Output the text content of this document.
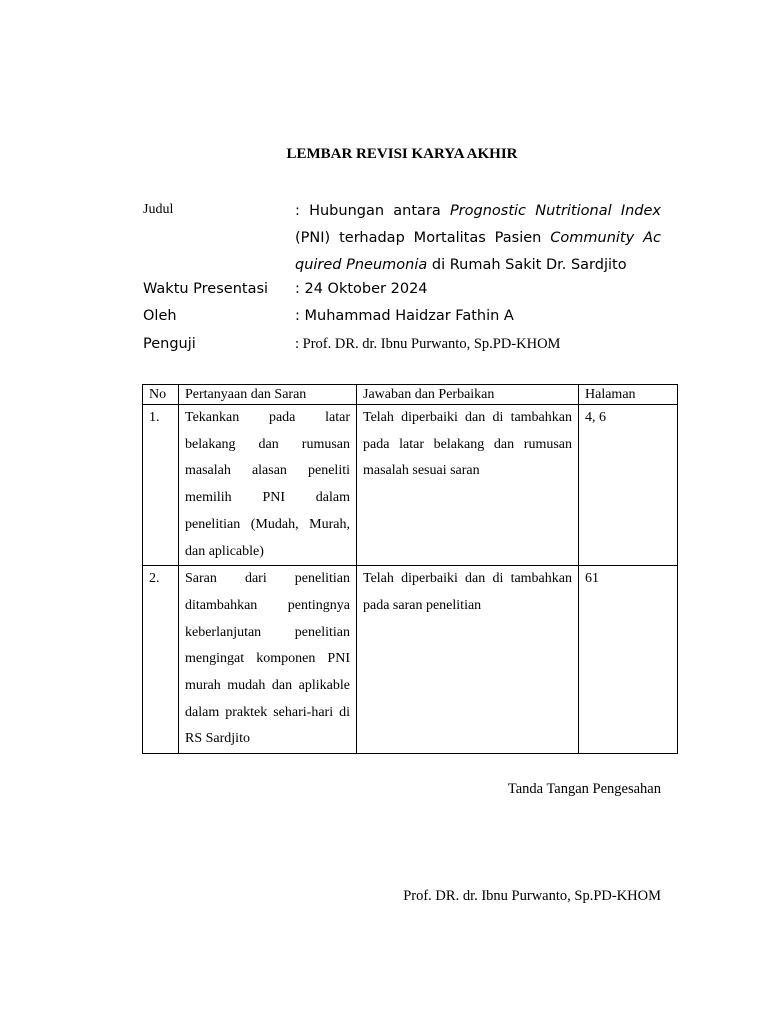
LEMBAR REVISI KARYA AKHIR
Judul	: Hubungan antara Prognostic Nutritional Index
(PNI) terhadap Mortalitas Pasien Community Ac
quired Pneumonia di Rumah Sakit Dr. Sardjito
Waktu Presentasi : 24 Oktober 2024
Oleh	: Muhammad Haidzar Fathin A
Penguji	: Prof. DR. dr. Ibnu Purwanto, Sp.PD-KHOM
No	Pertanyaan dan Saran	Jawaban dan Perbaikan	Halaman
1.	Tekankan pada latar belakang dan rumusan masalah alasan peneliti memilih PNI dalam penelitian (Mudah, Murah, dan aplicable)	Telah diperbaiki dan di tambahkan pada latar belakang dan rumusan masalah sesuai saran	4, 6
2.	Saran dari penelitian ditambahkan pentingnya keberlanjutan penelitian mengingat komponen PNI murah mudah dan aplikable dalam praktek sehari-hari di RS Sardjito	Telah diperbaiki dan di tambahkan pada saran penelitian	61
Tanda Tangan Pengesahan
Prof. DR. dr. Ibnu Purwanto, Sp.PD-KHOM
